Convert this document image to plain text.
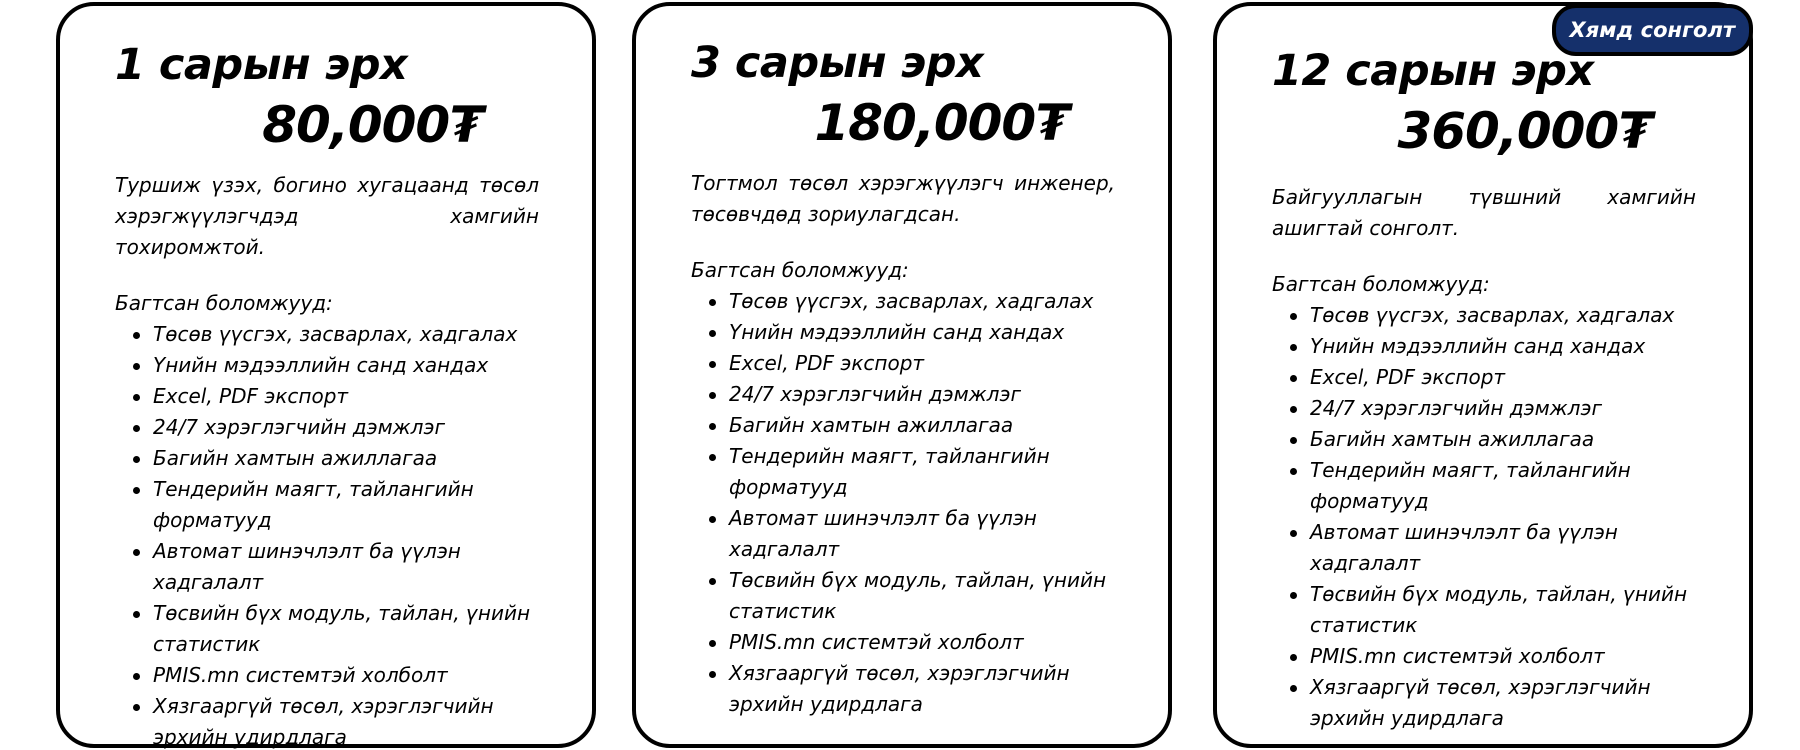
1 сарын эрх
80,000₮

Туршиж үзэх, богино хугацаанд төсөл хэрэгжүүлэгчдэд хамгийн тохиромжтой.

Багтсан боломжууд:
Төсөв үүсгэх, засварлах, хадгалах
Үнийн мэдээллийн санд хандах
Excel, PDF экспорт
24/7 хэрэглэгчийн дэмжлэг
Багийн хамтын ажиллагаа
Тендерийн маягт, тайлангийн форматууд
Автомат шинэчлэлт ба үүлэн хадгалалт
Төсвийн бүх модуль, тайлан, үнийн статистик
PMIS.mn системтэй холболт
Хязгааргүй төсөл, хэрэглэгчийн эрхийн удирдлага
3 сарын эрх
180,000₮

Тогтмол төсөл хэрэгжүүлэгч инженер, төсөвчдөд зориулагдсан.

Багтсан боломжууд:
Төсөв үүсгэх, засварлах, хадгалах
Үнийн мэдээллийн санд хандах
Excel, PDF экспорт
24/7 хэрэглэгчийн дэмжлэг
Багийн хамтын ажиллагаа
Тендерийн маягт, тайлангийн форматууд
Автомат шинэчлэлт ба үүлэн хадгалалт
Төсвийн бүх модуль, тайлан, үнийн статистик
PMIS.mn системтэй холболт
Хязгааргүй төсөл, хэрэглэгчийн эрхийн удирдлага
Хямд сонголт
12 сарын эрх
360,000₮

Байгууллагын түвшний хамгийн ашигтай сонголт.

Багтсан боломжууд:
Төсөв үүсгэх, засварлах, хадгалах
Үнийн мэдээллийн санд хандах
Excel, PDF экспорт
24/7 хэрэглэгчийн дэмжлэг
Багийн хамтын ажиллагаа
Тендерийн маягт, тайлангийн форматууд
Автомат шинэчлэлт ба үүлэн хадгалалт
Төсвийн бүх модуль, тайлан, үнийн статистик
PMIS.mn системтэй холболт
Хязгааргүй төсөл, хэрэглэгчийн эрхийн удирдлага
